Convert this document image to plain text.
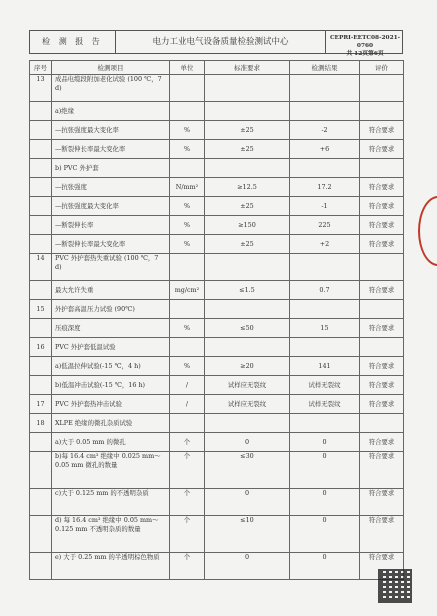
检 测 报 告	电力工业电气设备质量检验测试中心	CEPRI-EETC08-2021-0760
共 12页第6页
序号	检测项目	单位	标准要求	检测结果	评价

13	成品电缆段附加老化试验 (100 ℃，7 d)				

	a)绝缘				

	—抗张强度最大变化率	%	±25	-2	符合要求

	—断裂伸长率最大变化率	%	±25	+6	符合要求

	b) PVC 外护套				

	—抗张强度	N/mm²	≥12.5	17.2	符合要求

	—抗张强度最大变化率	%	±25	-1	符合要求

	—断裂伸长率	%	≥150	225	符合要求

	—断裂伸长率最大变化率	%	±25	+2	符合要求

14	PVC 外护套热失重试验 (100 ℃，7 d)				

	最大允许失重	mg/cm²	≤1.5	0.7	符合要求

15	外护套高温压力试验 (90℃)				

	压痕深度	%	≤50	15	符合要求

16	PVC 外护套低温试验				

	a)低温拉伸试验(-15 ℃，4 h)	%	≥20	141	符合要求

	b)低温冲击试验(-15 ℃，16 h)	/	试样应无裂纹	试样无裂纹	符合要求

17	PVC 外护套热冲击试验	/	试样应无裂纹	试样无裂纹	符合要求

18	XLPE 绝缘的微孔杂质试验				

	a)大于 0.05 mm 的微孔	个	0	0	符合要求

	b)每 16.4 cm³ 绝缘中 0.025 mm～0.05 mm 微孔的数量	个	≤30	0	符合要求

	c)大于 0.125 mm 的不透明杂质	个	0	0	符合要求

	d) 每 16.4 cm³ 绝缘中 0.05 mm～0.125 mm 不透明杂质的数量	个	≤10	0	符合要求

	e) 大于 0.25 mm 的半透明棕色物质	个	0	0	符合要求
